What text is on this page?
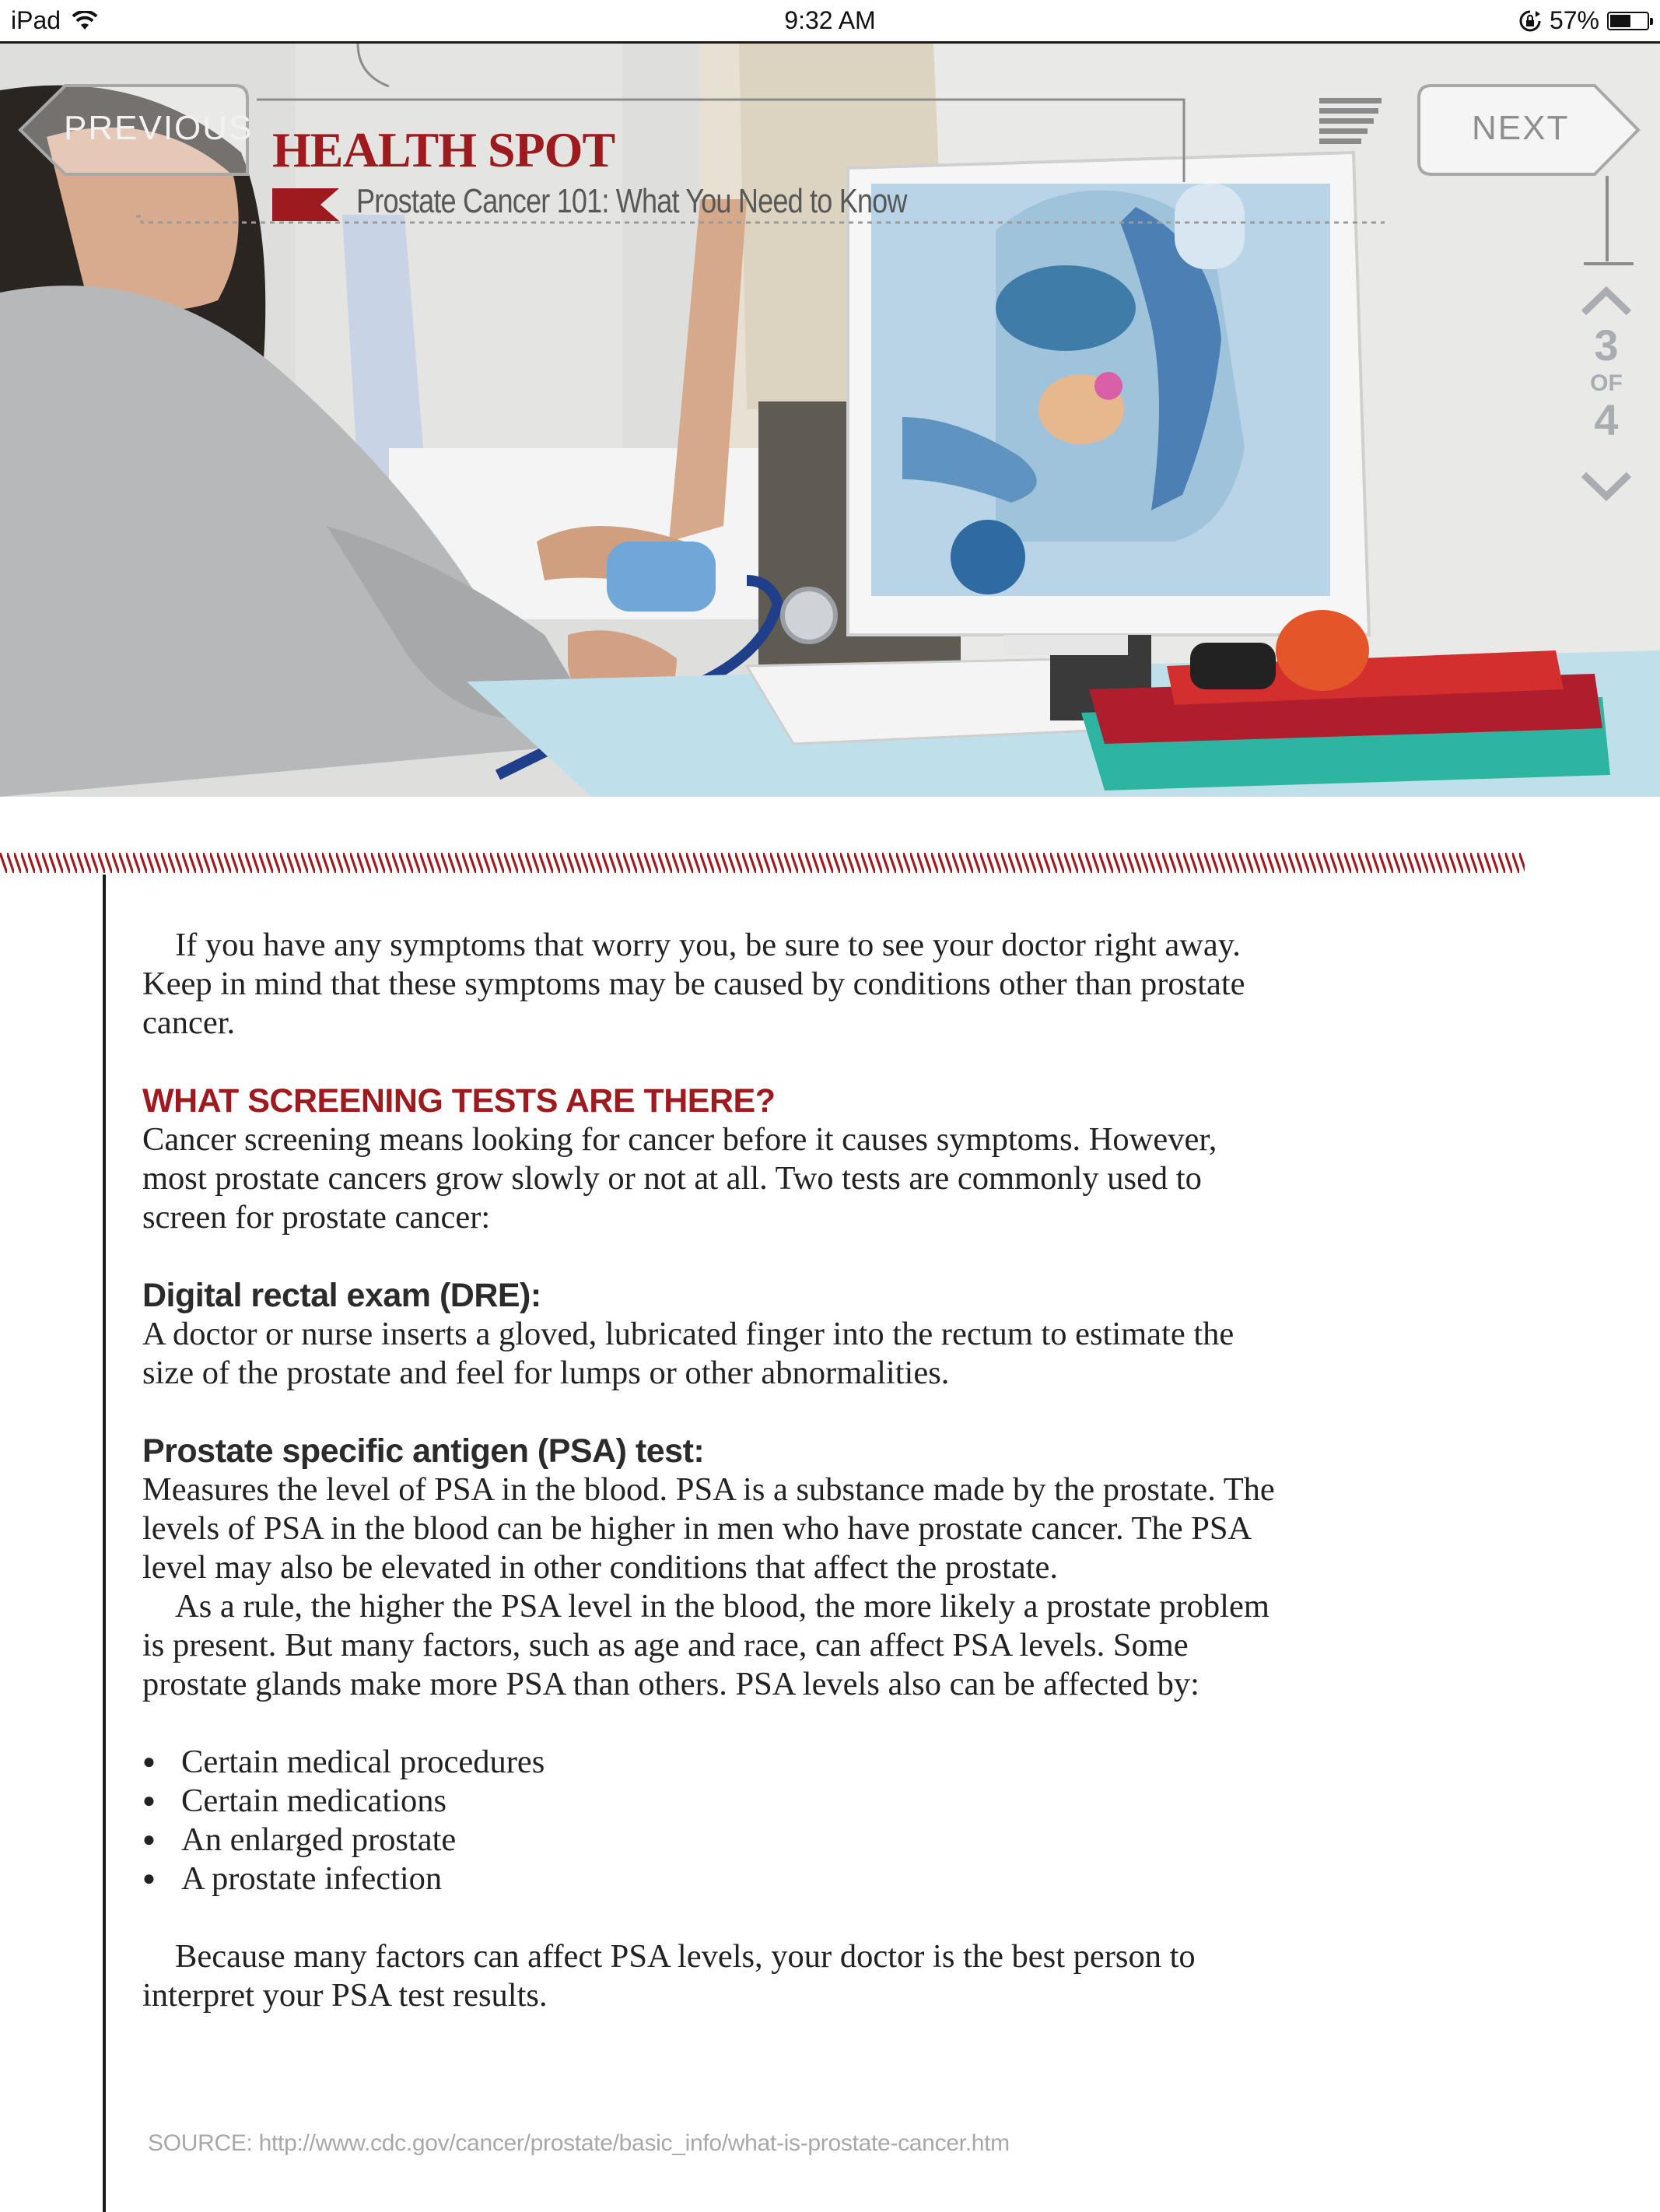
iPad	9:32 AM	57%
PREVIOUS	NEXT
HEALTH SPOT
Prostate Cancer 101: What You Need to Know
3
OF
4

If you have any symptoms that worry you, be sure to see your doctor right away. Keep in mind that these symptoms may be caused by conditions other than prostate cancer.

WHAT SCREENING TESTS ARE THERE?

Cancer screening means looking for cancer before it causes symptoms. However, most prostate cancers grow slowly or not at all. Two tests are commonly used to screen for prostate cancer:

Digital rectal exam (DRE):

A doctor or nurse inserts a gloved, lubricated finger into the rectum to estimate the size of the prostate and feel for lumps or other abnormalities.

Prostate specific antigen (PSA) test:

Measures the level of PSA in the blood. PSA is a substance made by the prostate. The levels of PSA in the blood can be higher in men who have prostate cancer. The PSA level may also be elevated in other conditions that affect the prostate.

As a rule, the higher the PSA level in the blood, the more likely a prostate problem is present. But many factors, such as age and race, can affect PSA levels. Some prostate glands make more PSA than others. PSA levels also can be affected by:

● Certain medical procedures
● Certain medications
● An enlarged prostate
● A prostate infection

Because many factors can affect PSA levels, your doctor is the best person to interpret your PSA test results.

SOURCE: http://www.cdc.gov/cancer/prostate/basic_info/what-is-prostate-cancer.htm
